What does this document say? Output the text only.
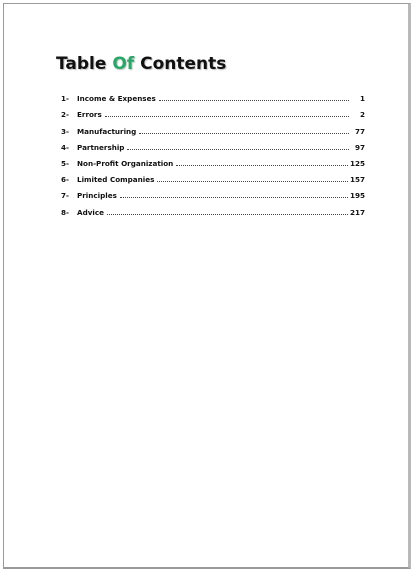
Table Of Contents
1-	Income & Expenses	1
2-	Errors	2
3-	Manufacturing	77
4-	Partnership	97
5-	Non-Profit Organization	125
6-	Limited Companies	157
7-	Principles	195
8-	Advice	217
